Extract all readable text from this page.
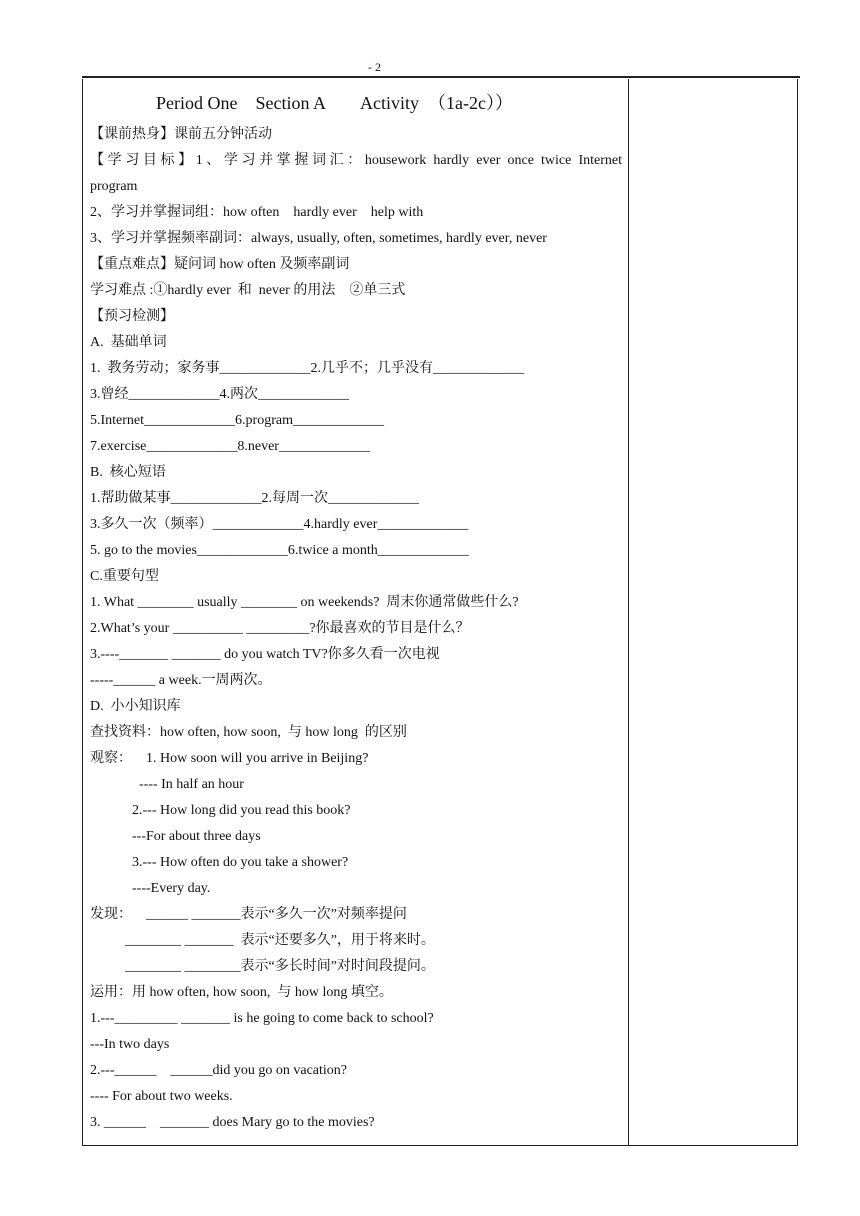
- 2
Period One    Section A        Activity  （1a-2c））
【课前热身】课前五分钟活动
【学习目标】1、学习并掌握词汇：housework hardly ever once twice Internet
program
2、学习并掌握词组：how often    hardly ever    help with
3、学习并掌握频率副词：always, usually, often, sometimes, hardly ever, never
【重点难点】疑问词 how often 及频率副词
学习难点 :①hardly ever  和  never 的用法    ②单三式
【预习检测】
A.  基础单词
1.  教务劳动；家务事_____________2.几乎不；几乎没有_____________
3.曾经_____________4.两次_____________
5.Internet_____________6.program_____________
7.exercise_____________8.never_____________
B.  核心短语
1.帮助做某事_____________2.每周一次_____________
3.多久一次（频率）_____________4.hardly ever_____________
5. go to the movies_____________6.twice a month_____________
C.重要句型
1. What ________ usually ________ on weekends?  周末你通常做些什么?
2.What’s your __________ _________?你最喜欢的节目是什么？
3.----_______ _______ do you watch TV?你多久看一次电视
-----______ a week.一周两次。
D.  小小知识库
查找资料：how often, how soon,  与 how long  的区别
观察：    1. How soon will you arrive in Beijing?
---- In half an hour
2.--- How long did you read this book?
---For about three days
3.--- How often do you take a shower?
----Every day.
发现：    ______ _______表示“多久一次”对频率提问
________ _______  表示“还要多久”，用于将来时。
________ ________表示“多长时间”对时间段提问。
运用：用 how often, how soon,  与 how long 填空。
1.---_________ _______ is he going to come back to school?
---In two days
2.---______    ______did you go on vacation?
---- For about two weeks.
3. ______    _______ does Mary go to the movies?
